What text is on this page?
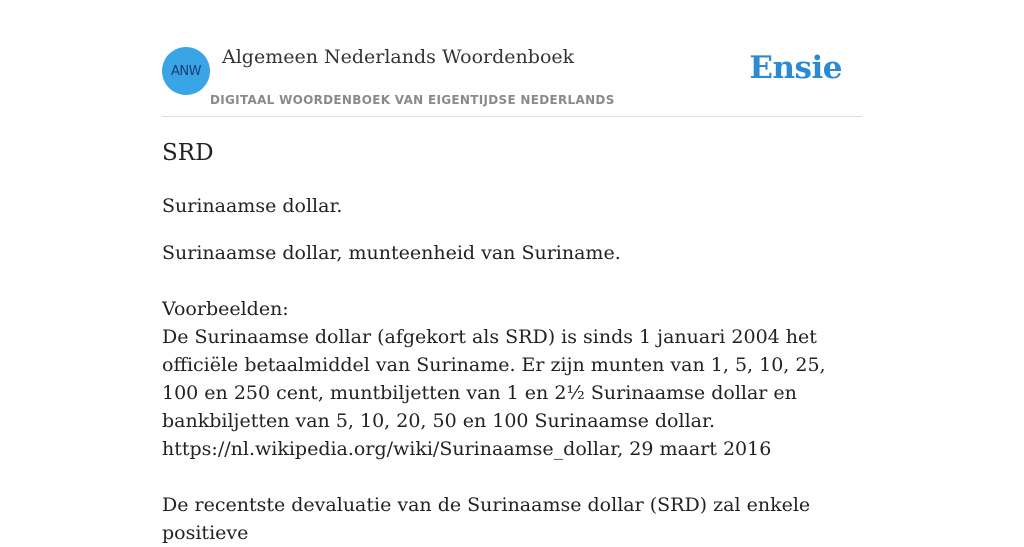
ANW
Algemeen Nederlands Woordenboek
DIGITAAL WOORDENBOEK VAN EIGENTIJDSE NEDERLANDS
Ensie
SRD

Surinaamse dollar.

Surinaamse dollar, munteenheid van Suriname.

Voorbeelden:

De Surinaamse dollar (afgekort als SRD) is sinds 1 januari 2004 het officiële betaalmiddel van Suriname. Er zijn munten van 1, 5, 10, 25, 100 en 250 cent, muntbiljetten van 1 en 2½ Surinaamse dollar en bankbiljetten van 5, 10, 20, 50 en 100 Surinaamse dollar.

https://nl.wikipedia.org/wiki/Surinaamse_dollar, 29 maart 2016

De recentste devaluatie van de Surinaamse dollar (SRD) zal enkele positieve
